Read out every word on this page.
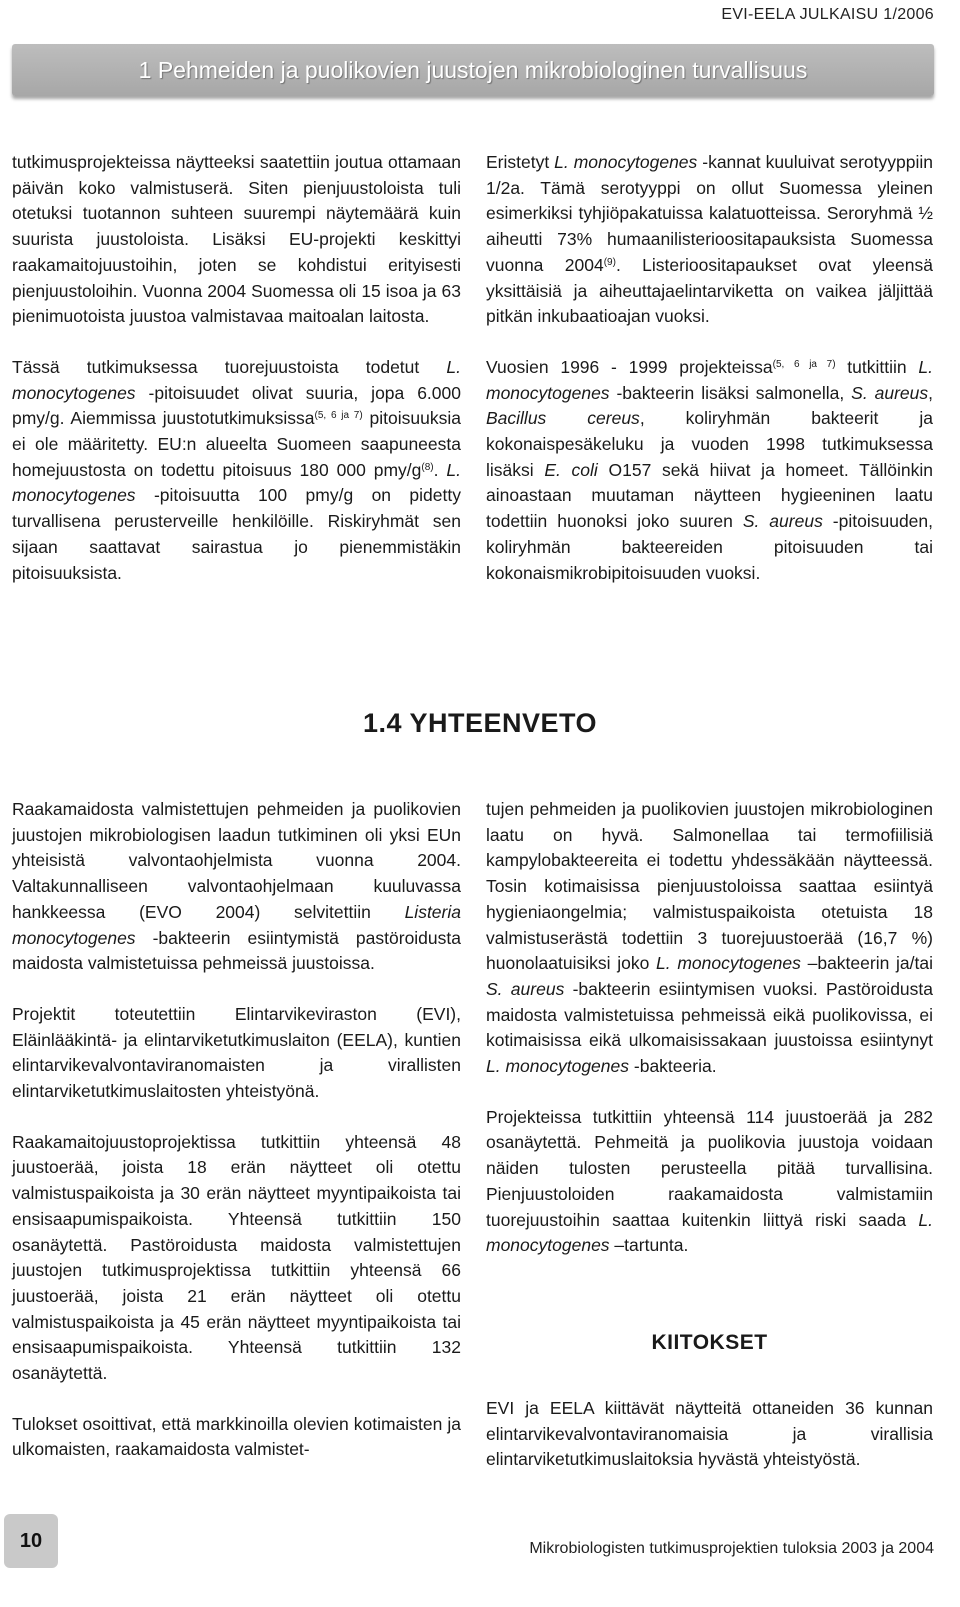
EVI-EELA JULKAISU 1/2006
1 Pehmeiden ja puolikovien juustojen mikrobiologinen turvallisuus

tutkimusprojekteissa näytteeksi saatettiin joutua ottamaan päivän koko valmistuserä. Siten pienjuustoloista tuli otetuksi tuotannon suhteen suurempi näytemäärä kuin suurista juustoloista. Lisäksi EU-projekti keskittyi raakamaitojuustoihin, joten se kohdistui erityisesti pienjuustoloihin. Vuonna 2004 Suomessa oli 15 isoa ja 63 pienimuotoista juustoa valmistavaa maitoalan laitosta.

Tässä tutkimuksessa tuorejuustoista todetut L. monocytogenes -pitoisuudet olivat suuria, jopa 6.000 pmy/g. Aiemmissa juustotutkimuksissa$^{(5, 6 ja 7)}$ pitoisuuksia ei ole määritetty. EU:n alueelta Suomeen saapuneesta homejuustosta on todettu pitoisuus 180 000 pmy/$g^{(8)}$. L. monocytogenes -pitoisuutta 100 pmy/g on pidetty turvallisena perusterveille henkilöille. Riskiryhmät sen sijaan saattavat sairastua jo pienemmistäkin pitoisuuksista.

Eristetyt L. monocytogenes -kannat kuuluivat serotyyppiin 1/2a. Tämä serotyyppi on ollut Suomessa yleinen esimerkiksi tyhjiöpakatuissa kalatuotteissa. Seroryhmä ½ aiheutti 73% humaanilisterioositapauksista Suomessa vuonna 2004$^{(9)}$. Listerioositapaukset ovat yleensä yksittäisiä ja aiheuttajaelintarviketta on vaikea jäljittää pitkän inkubaatioajan vuoksi.

Vuosien 1996 - 1999 projekteissa$^{(5, 6 ja 7)}$ tutkittiin L. monocytogenes -bakteerin lisäksi salmonella, S. aureus, Bacillus cereus, koliryhmän bakteerit ja kokonaispesäkeluku ja vuoden 1998 tutkimuksessa lisäksi E. coli O157 sekä hiivat ja homeet. Tällöinkin ainoastaan muutaman näytteen hygieeninen laatu todettiin huonoksi joko suuren S. aureus -pitoisuuden, koliryhmän bakteereiden pitoisuuden tai kokonaismikrobipitoisuuden vuoksi.

1.4 YHTEENVETO

Raakamaidosta valmistettujen pehmeiden ja puolikovien juustojen mikrobiologisen laadun tutkiminen oli yksi EUn yhteisistä valvontaohjelmista vuonna 2004. Valtakunnalliseen valvontaohjelmaan kuuluvassa hankkeessa (EVO 2004) selvitettiin Listeria monocytogenes -bakteerin esiintymistä pastöroidusta maidosta valmistetuissa pehmeissä juustoissa.

Projektit toteutettiin Elintarvikeviraston (EVI), Eläinlääkintä- ja elintarviketutkimuslaiton (EELA), kuntien elintarvikevalvontaviranomaisten ja virallisten elintarviketutkimuslaitosten yhteistyönä.

Raakamaitojuustoprojektissa tutkittiin yhteensä 48 juustoerää, joista 18 erän näytteet oli otettu valmistuspaikoista ja 30 erän näytteet myyntipaikoista tai ensisaapumispaikoista. Yhteensä tutkittiin 150 osanäytettä. Pastöroidusta maidosta valmistettujen juustojen tutkimusprojektissa tutkittiin yhteensä 66 juustoerää, joista 21 erän näytteet oli otettu valmistuspaikoista ja 45 erän näytteet myyntipaikoista tai ensisaapumispaikoista. Yhteensä tutkittiin 132 osanäytettä.

Tulokset osoittivat, että markkinoilla olevien kotimaisten ja ulkomaisten, raakamaidosta valmistet-

tujen pehmeiden ja puolikovien juustojen mikrobiologinen laatu on hyvä. Salmonellaa tai termofiilisiä kampylobakteereita ei todettu yhdessäkään näytteessä. Tosin kotimaisissa pienjuustoloissa saattaa esiintyä hygieniaongelmia; valmistuspaikoista otetuista 18 valmistuserästä todettiin 3 tuorejuustoerää (16,7 %) huonolaatuisiksi joko L. monocytogenes –bakteerin ja/tai S. aureus -bakteerin esiintymisen vuoksi. Pastöroidusta maidosta valmistetuissa pehmeissä eikä puolikovissa, ei kotimaisissa eikä ulkomaisissakaan juustoissa esiintynyt L. monocytogenes -bakteeria.

Projekteissa tutkittiin yhteensä 114 juustoerää ja 282 osanäytettä. Pehmeitä ja puolikovia juustoja voidaan näiden tulosten perusteella pitää turvallisina. Pienjuustoloiden raakamaidosta valmistamiin tuorejuustoihin saattaa kuitenkin liittyä riski saada L. monocytogenes –tartunta.

KIITOKSET

EVI ja EELA kiittävät näytteitä ottaneiden 36 kunnan elintarvikevalvontaviranomaisia ja virallisia elintarviketutkimuslaitoksia hyvästä yhteistyöstä.

10	Mikrobiologisten tutkimusprojektien tuloksia 2003 ja 2004
